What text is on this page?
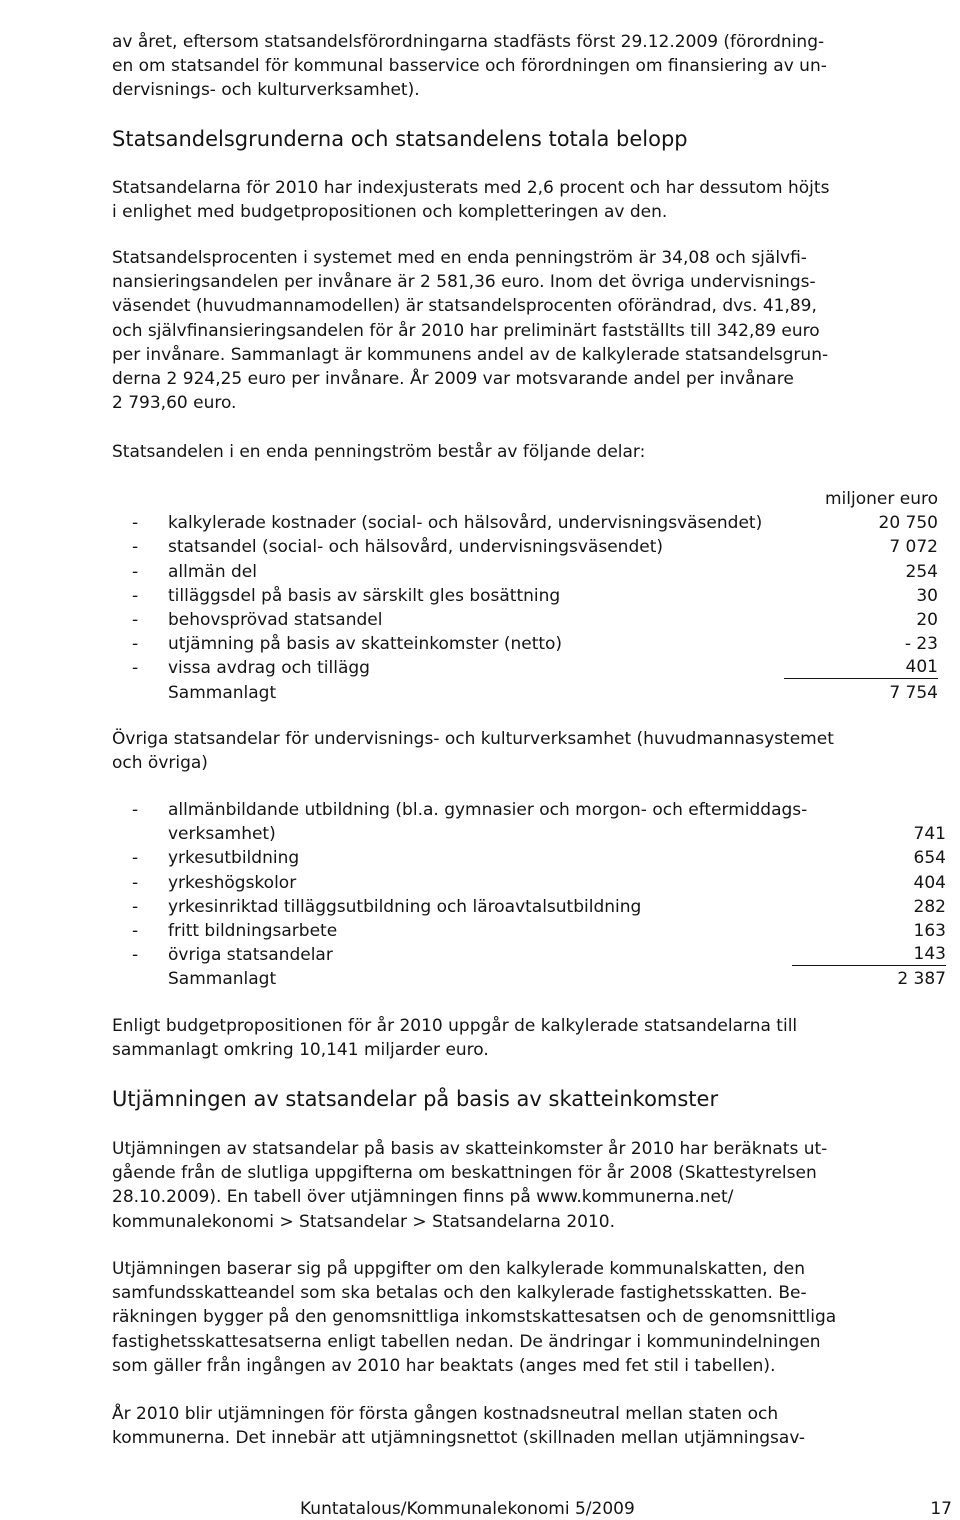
av året, eftersom statsandelsförordningarna stadfästs först 29.12.2009 (förordning-
en om statsandel för kommunal basservice och förordningen om finansiering av un-
dervisnings- och kulturverksamhet).

Statsandelsgrunderna och statsandelens totala belopp

Statsandelarna för 2010 har indexjusterats med 2,6 procent och har dessutom höjts
i enlighet med budgetpropositionen och kompletteringen av den.

Statsandelsprocenten i systemet med en enda penningström är 34,08 och självfi-
nansieringsandelen per invånare är 2 581,36 euro. Inom det övriga undervisnings-
väsendet (huvudmannamodellen) är statsandelsprocenten oförändrad, dvs. 41,89,
och självfinansieringsandelen för år 2010 har preliminärt fastställts till 342,89 euro
per invånare. Sammanlagt är kommunens andel av de kalkylerade statsandelsgrun-
derna 2 924,25 euro per invånare. År 2009 var motsvarande andel per invånare
2 793,60 euro.

Statsandelen i en enda penningström består av följande delar:

miljoner euro
- kalkylerade kostnader (social- och hälsovård, undervisningsväsendet)	20 750
- statsandel (social- och hälsovård, undervisningsväsendet)	7 072
- allmän del	254
- tilläggsdel på basis av särskilt gles bosättning	30
- behovsprövad statsandel	20
- utjämning på basis av skatteinkomster (netto)	- 23
- vissa avdrag och tillägg	401
Sammanlagt	7 754

Övriga statsandelar för undervisnings- och kulturverksamhet (huvudmannasystemet
och övriga)

- allmänbildande utbildning (bl.a. gymnasier och morgon- och eftermiddags-
verksamhet)	741
- yrkesutbildning	654
- yrkeshögskolor	404
- yrkesinriktad tilläggsutbildning och läroavtalsutbildning	282
- fritt bildningsarbete	163
- övriga statsandelar	143
Sammanlagt	2 387

Enligt budgetpropositionen för år 2010 uppgår de kalkylerade statsandelarna till
sammanlagt omkring 10,141 miljarder euro.

Utjämningen av statsandelar på basis av skatteinkomster

Utjämningen av statsandelar på basis av skatteinkomster år 2010 har beräknats ut-
gående från de slutliga uppgifterna om beskattningen för år 2008 (Skattestyrelsen
28.10.2009). En tabell över utjämningen finns på www.kommunerna.net/
kommunalekonomi > Statsandelar > Statsandelarna 2010.

Utjämningen baserar sig på uppgifter om den kalkylerade kommunalskatten, den
samfundsskatteandel som ska betalas och den kalkylerade fastighetsskatten. Be-
räkningen bygger på den genomsnittliga inkomstskattesatsen och de genomsnittliga
fastighetsskattesatserna enligt tabellen nedan. De ändringar i kommunindelningen
som gäller från ingången av 2010 har beaktats (anges med fet stil i tabellen).

År 2010 blir utjämningen för första gången kostnadsneutral mellan staten och
kommunerna. Det innebär att utjämningsnettot (skillnaden mellan utjämningsav-

Kuntatalous/Kommunalekonomi 5/2009	17
